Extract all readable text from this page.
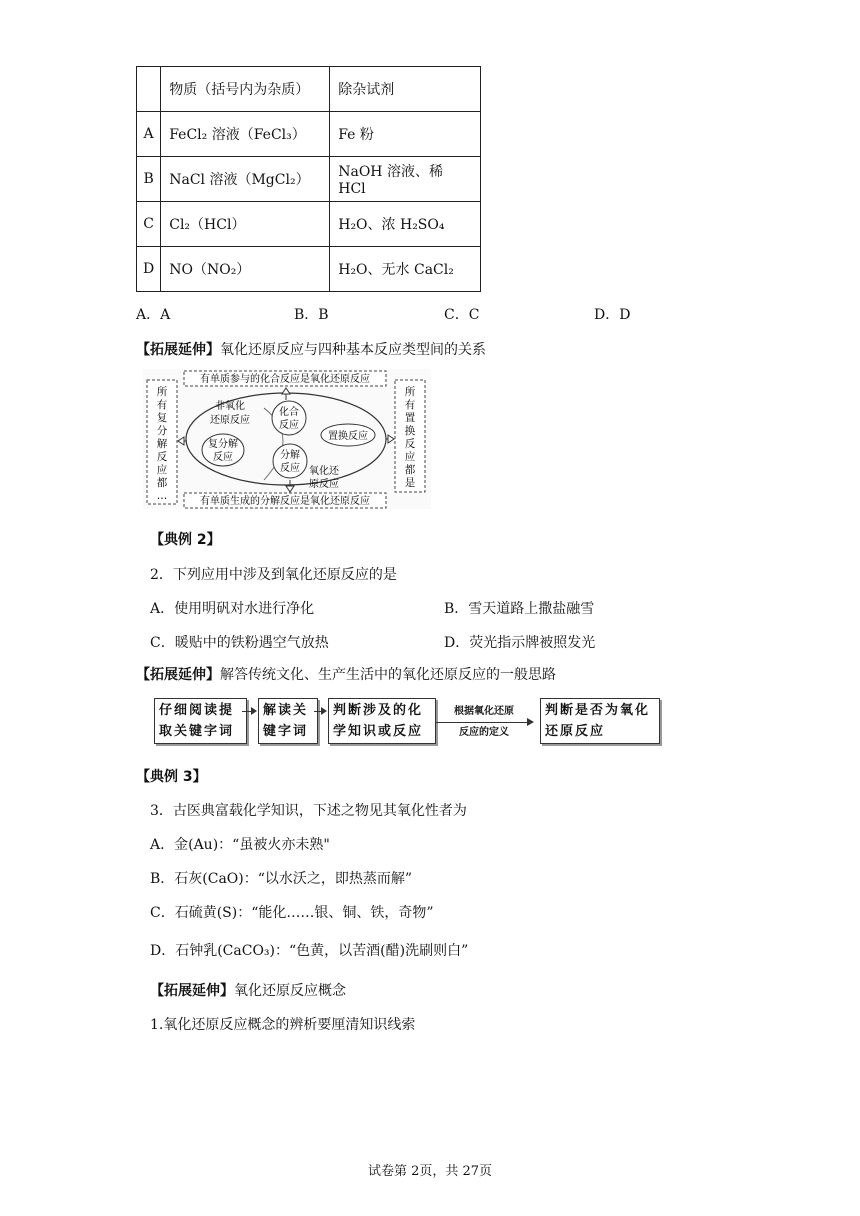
	物质（括号内为杂质）	除杂试剂
A	FeCl₂ 溶液（FeCl₃）	Fe 粉
B	NaCl 溶液（MgCl₂）	NaOH 溶液、稀 HCl
C	Cl₂（HCl）	H₂O、浓 H₂SO₄
D	NO（NO₂）	H₂O、无水 CaCl₂
A．A	B．B	C．C	D．D
【拓展延伸】氧化还原反应与四种基本反应类型间的关系
有单质参与的化合反应是氧化还原反应
有单质生成的分解反应是氧化还原反应
所有复分解反应都…
所有置换反应都是
非氧化
还原反应
氧化还
原反应
化合
反应
复分解
反应	分解
反应
置换反应
【典例 2】
2．下列应用中涉及到氧化还原反应的是
A．使用明矾对水进行净化	B．雪天道路上撒盐融雪
C．暖贴中的铁粉遇空气放热	D．荧光指示牌被照发光
【拓展延伸】解答传统文化、生产生活中的氧化还原反应的一般思路
仔细阅读提
取关键字词
解读关
键字词
判断涉及的化
学知识或反应
根据氧化还原
反应的定义
判断是否为氧化
还原反应
【典例 3】
3．古医典富载化学知识，下述之物见其氧化性者为
A．金(Au)：“虽被火亦未熟"
B．石灰(CaO)：“以水沃之，即热蒸而解”
C．石硫黄(S)：“能化……银、铜、铁，奇物”
D．石钟乳(CaCO₃)：“色黄，以苦酒(醋)洗刷则白”
【拓展延伸】氧化还原反应概念
1.氧化还原反应概念的辨析要厘清知识线索
试卷第 2页，共 27页
